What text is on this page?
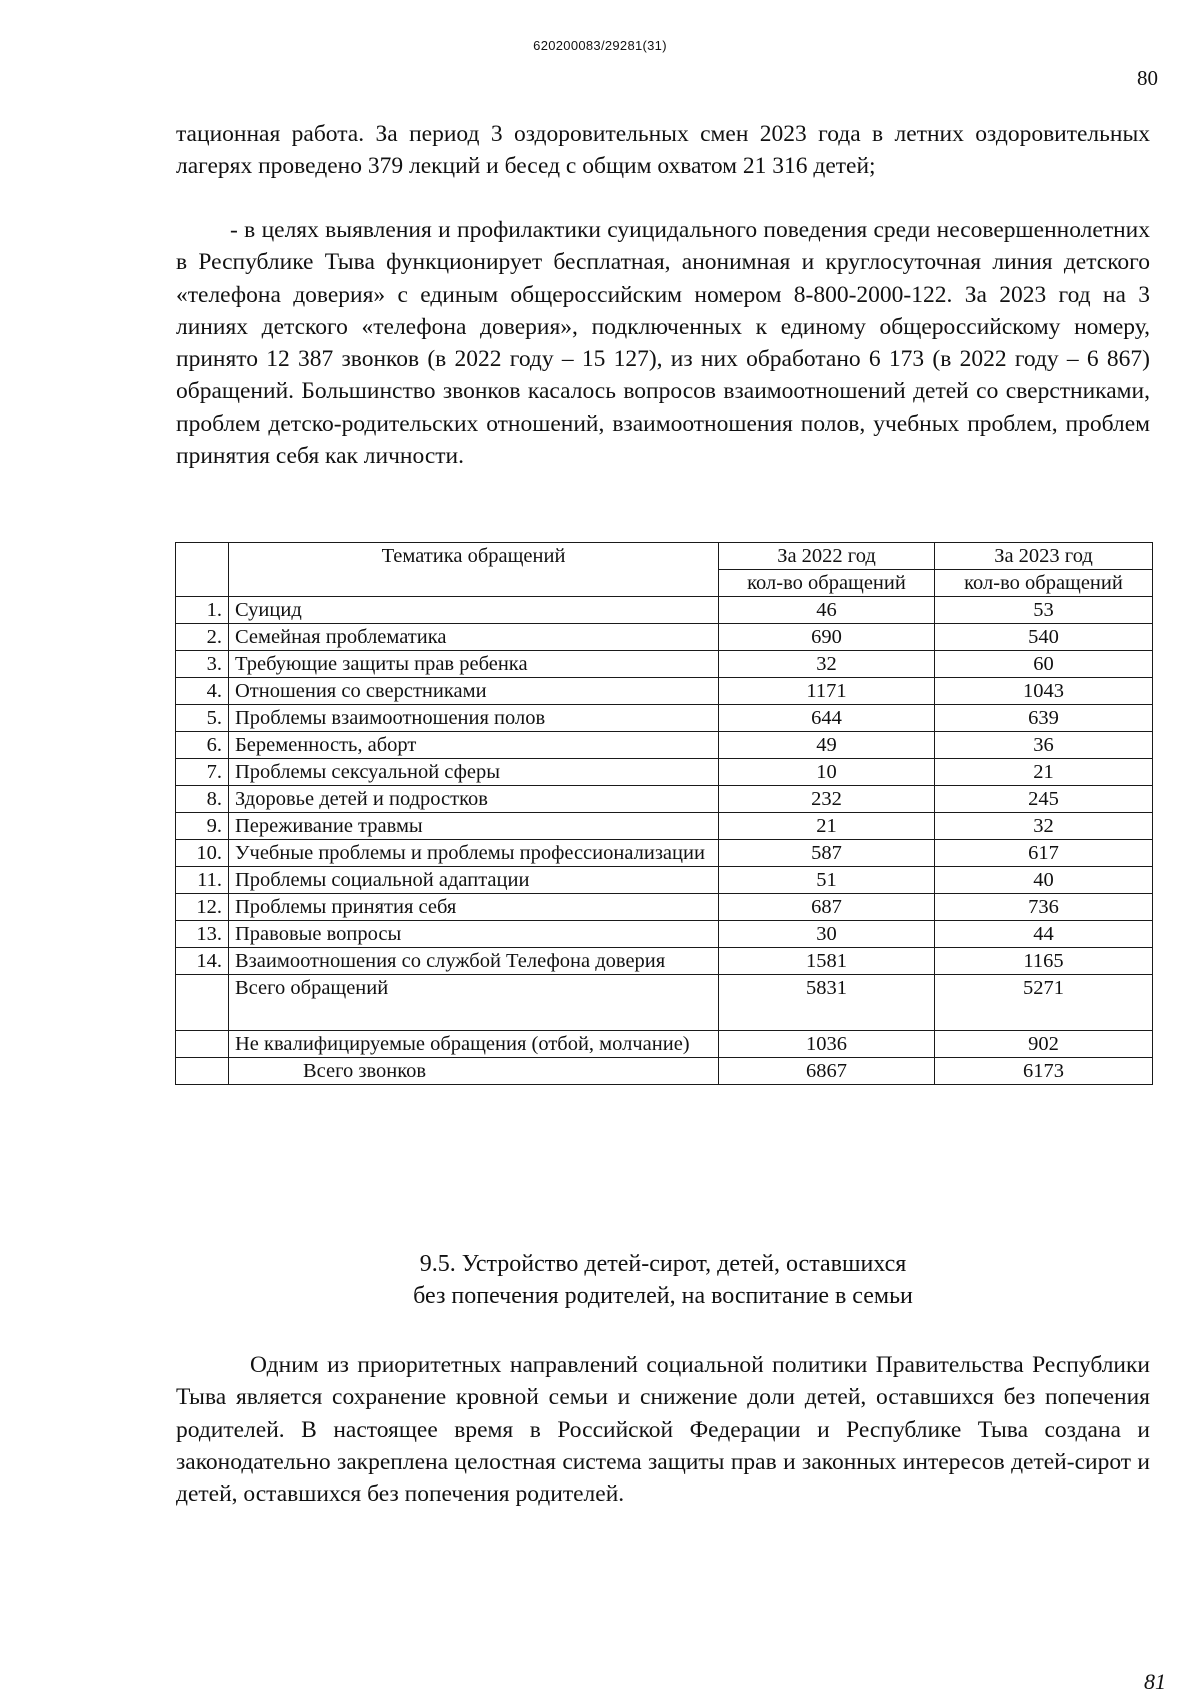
620200083/29281(31)
80

тационная работа. За период 3 оздоровительных смен 2023 года в летних оздоровительных лагерях проведено 379 лекций и бесед с общим охватом 21 316 детей;

- в целях выявления и профилактики суицидального поведения среди несовершеннолетних в Республике Тыва функционирует бесплатная, анонимная и круглосуточная линия детского «телефона доверия» с единым общероссийским номером 8-800-2000-122. За 2023 год на 3 линиях детского «телефона доверия», подключенных к единому общероссийскому номеру, принято 12 387 звонков (в 2022 году – 15 127), из них обработано 6 173 (в 2022 году – 6 867) обращений. Большинство звонков касалось вопросов взаимоотношений детей со сверстниками, проблем детско-родительских отношений, взаимоотношения полов, учебных проблем, проблем принятия себя как личности.

	Тематика обращений	За 2022 год	За 2023 год
		кол-во обращений	кол-во обращений
1.	Суицид	46	53
2.	Семейная проблематика	690	540
3.	Требующие защиты прав ребенка	32	60
4.	Отношения со сверстниками	1171	1043
5.	Проблемы взаимоотношения полов	644	639
6.	Беременность, аборт	49	36
7.	Проблемы сексуальной сферы	10	21
8.	Здоровье детей и подростков	232	245
9.	Переживание травмы	21	32
10.	Учебные проблемы и проблемы профессионализации	587	617
11.	Проблемы социальной адаптации	51	40
12.	Проблемы принятия себя	687	736
13.	Правовые вопросы	30	44
14.	Взаимоотношения со службой Телефона доверия	1581	1165
	Всего обращений	5831	5271
	Не квалифицируемые обращения (отбой, молчание)	1036	902
	Всего звонков	6867	6173
9.5. Устройство детей-сирот, детей, оставшихся
без попечения родителей, на воспитание в семьи

Одним из приоритетных направлений социальной политики Правительства Республики Тыва является сохранение кровной семьи и снижение доли детей, оставшихся без попечения родителей. В настоящее время в Российской Федерации и Республике Тыва создана и законодательно закреплена целостная система защиты прав и законных интересов детей-сирот и детей, оставшихся без попечения родителей.

81
